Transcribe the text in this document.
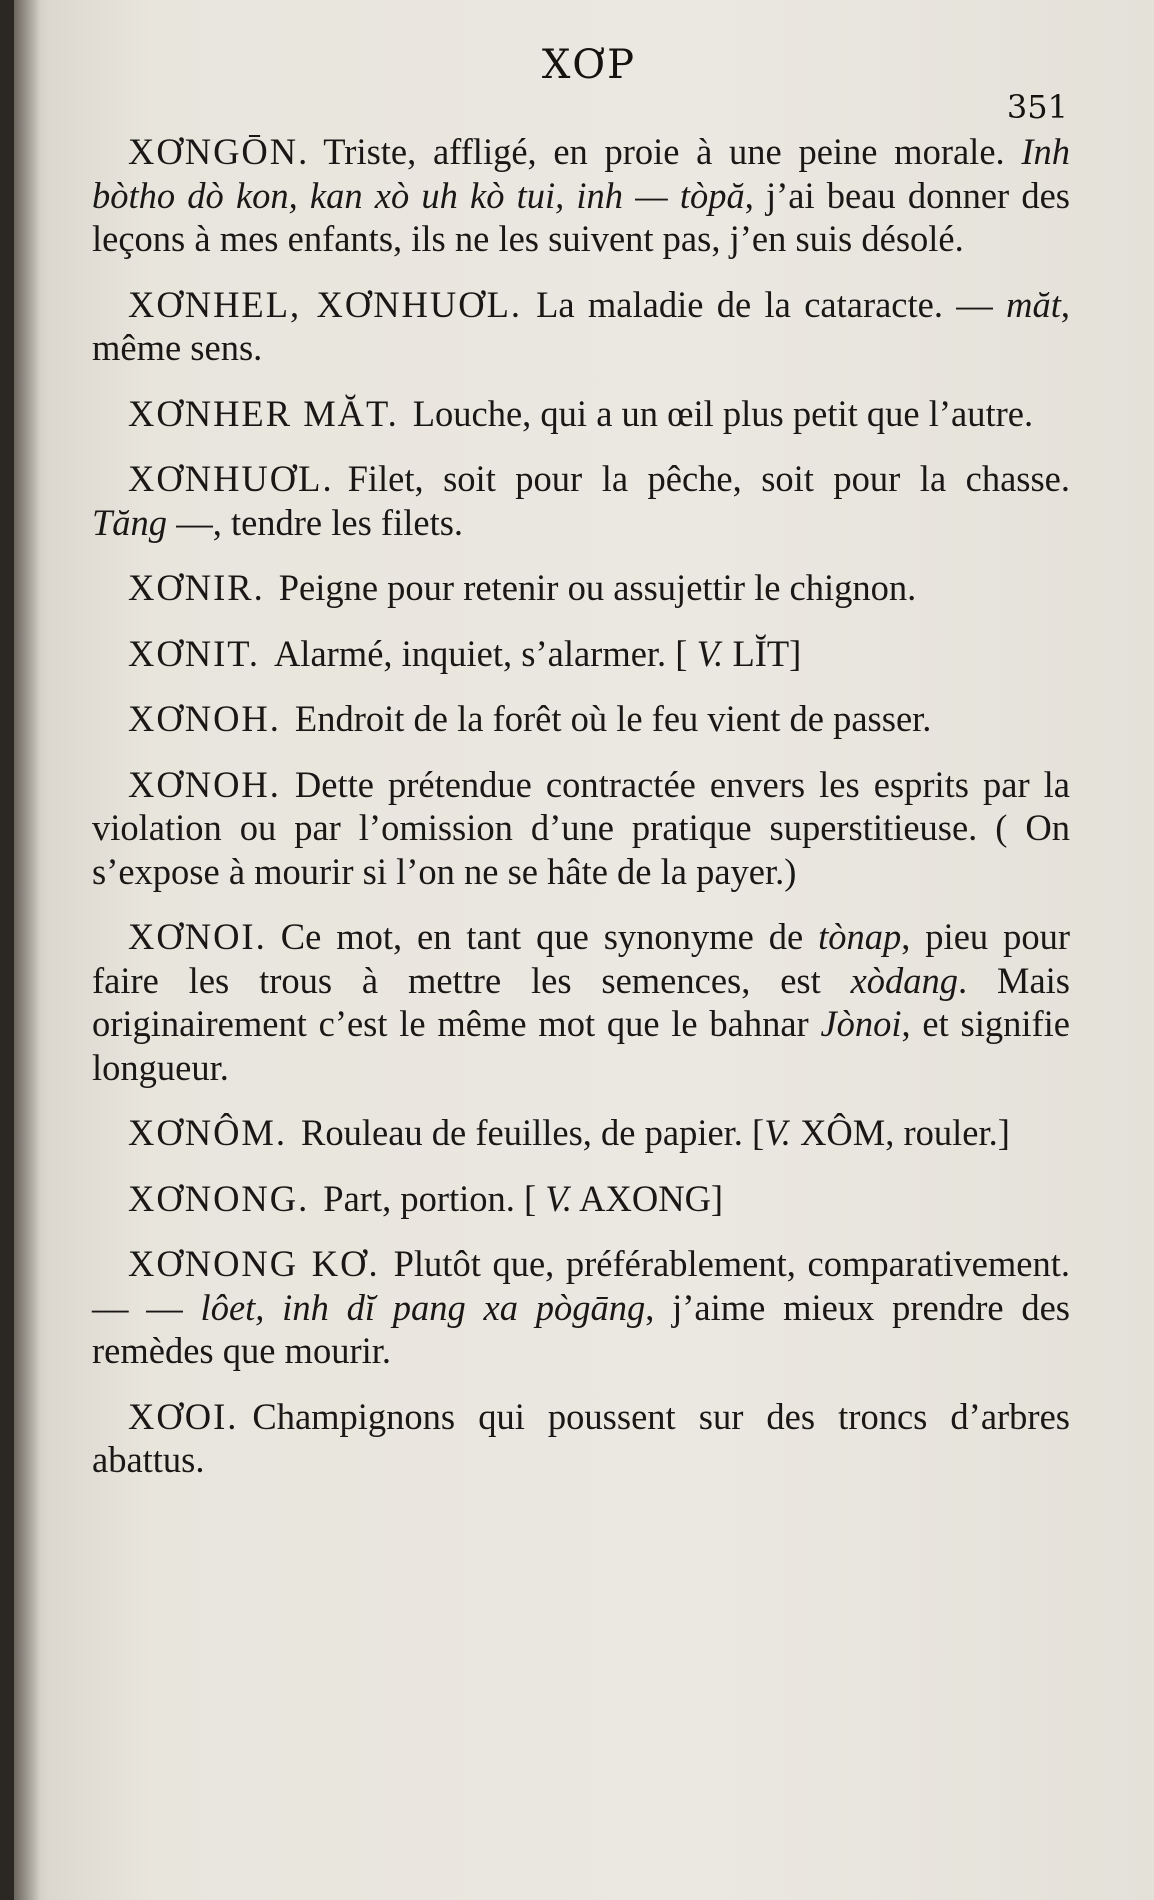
XƠP
351

XƠNGŌN. Triste, affligé, en proie à une peine morale. Inh bòtho dò kon, kan xò uh kò tui, inh — tòpă, j’ai beau donner des leçons à mes enfants, ils ne les suivent pas, j’en suis désolé.

XƠNHEL, XƠNHUƠL. La maladie de la cataracte. — măt, même sens.

XƠNHER MĂT. Louche, qui a un œil plus petit que l’autre.

XƠNHUƠL. Filet, soit pour la pêche, soit pour la chasse. Tăng —, tendre les filets.

XƠNIR. Peigne pour retenir ou assujettir le chignon.

XƠNIT. Alarmé, inquiet, s’alarmer. [ V. LĬT]

XƠNOH. Endroit de la forêt où le feu vient de passer.

XƠNOH. Dette prétendue contractée envers les esprits par la violation ou par l’omission d’une pratique superstitieuse. ( On s’expose à mourir si l’on ne se hâte de la payer.)

XƠNOI. Ce mot, en tant que synonyme de tònap, pieu pour faire les trous à mettre les semences, est xòdang. Mais originairement c’est le même mot que le bahnar Jònoi, et signifie longueur.

XƠNÔM. Rouleau de feuilles, de papier. [V. XÔM, rouler.]

XƠNONG. Part, portion. [ V. AXONG]

XƠNONG KƠ. Plutôt que, préférablement, comparativement. — — lôet, inh dĭ pang xa pògāng, j’aime mieux prendre des remèdes que mourir.

XƠOI. Champignons qui poussent sur des troncs d’arbres abattus.
